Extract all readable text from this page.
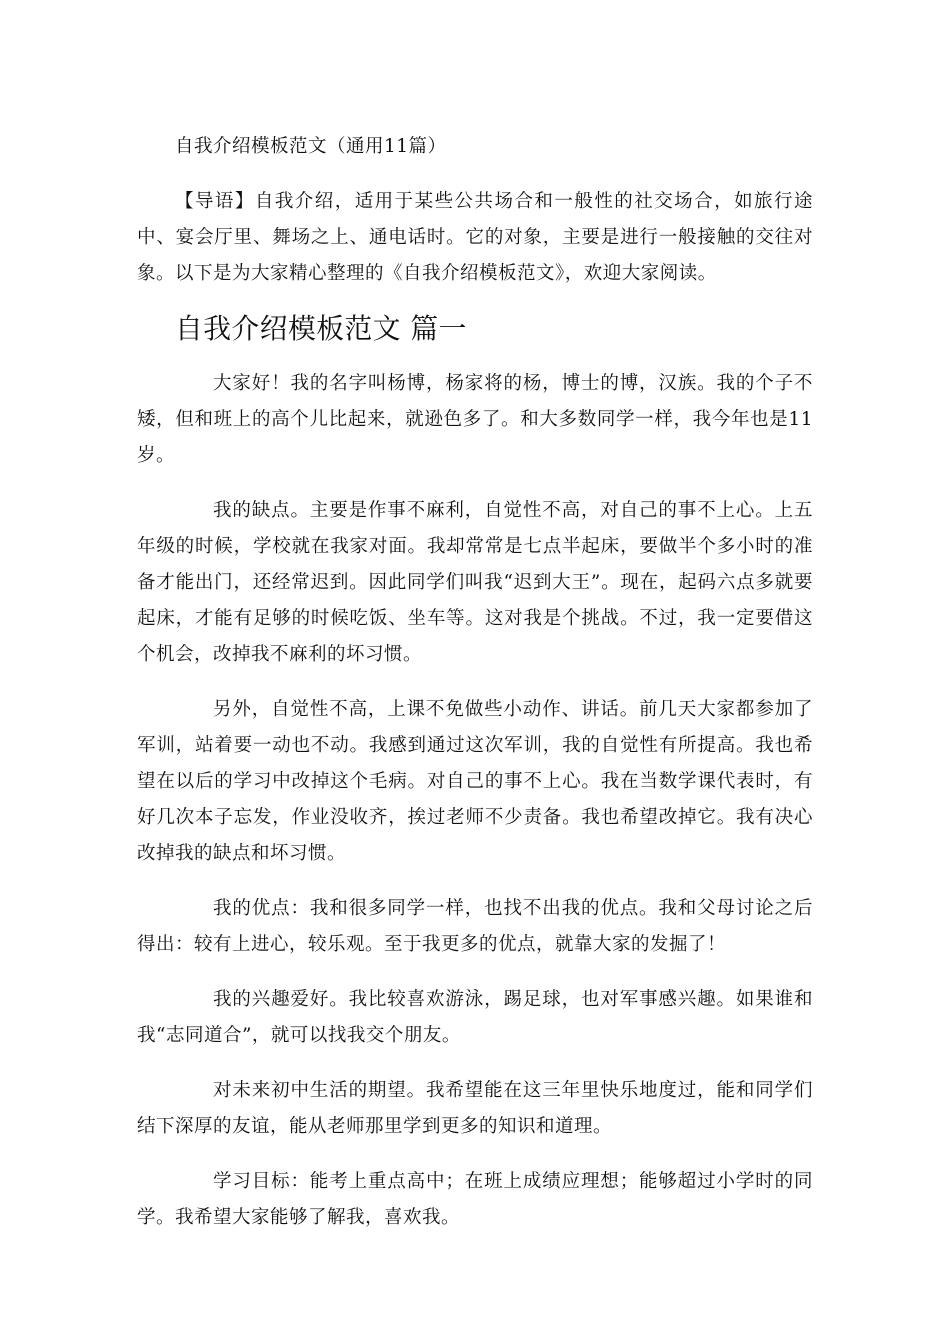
自我介绍模板范文（通用11篇）

【导语】自我介绍，适用于某些公共场合和一般性的社交场合，如旅行途中、宴会厅里、舞场之上、通电话时。它的对象，主要是进行一般接触的交往对象。以下是为大家精心整理的《自我介绍模板范文》，欢迎大家阅读。

自我介绍模板范文 篇一

大家好！我的名字叫杨博，杨家将的杨，博士的博，汉族。我的个子不矮，但和班上的高个儿比起来，就逊色多了。和大多数同学一样，我今年也是11岁。

我的缺点。主要是作事不麻利，自觉性不高，对自己的事不上心。上五年级的时候，学校就在我家对面。我却常常是七点半起床，要做半个多小时的准备才能出门，还经常迟到。因此同学们叫我“迟到大王”。现在，起码六点多就要起床，才能有足够的时候吃饭、坐车等。这对我是个挑战。不过，我一定要借这个机会，改掉我不麻利的坏习惯。

另外，自觉性不高，上课不免做些小动作、讲话。前几天大家都参加了军训，站着要一动也不动。我感到通过这次军训，我的自觉性有所提高。我也希望在以后的学习中改掉这个毛病。对自己的事不上心。我在当数学课代表时，有好几次本子忘发，作业没收齐，挨过老师不少责备。我也希望改掉它。我有决心改掉我的缺点和坏习惯。

我的优点：我和很多同学一样，也找不出我的优点。我和父母讨论之后得出：较有上进心，较乐观。至于我更多的优点，就靠大家的发掘了！

我的兴趣爱好。我比较喜欢游泳，踢足球，也对军事感兴趣。如果谁和我“志同道合”，就可以找我交个朋友。

对未来初中生活的期望。我希望能在这三年里快乐地度过，能和同学们结下深厚的友谊，能从老师那里学到更多的知识和道理。

学习目标：能考上重点高中；在班上成绩应理想；能够超过小学时的同学。我希望大家能够了解我，喜欢我。
